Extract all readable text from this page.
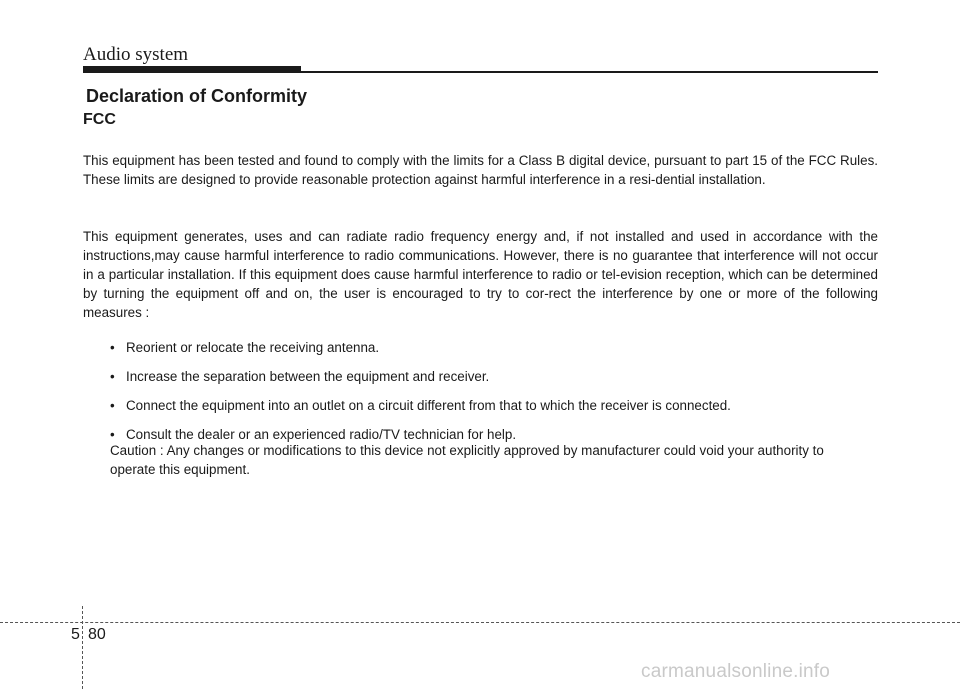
Audio system
Declaration of Conformity
FCC

This equipment has been tested and found to comply with the limits for a Class B digital device, pursuant to part 15 of the FCC Rules. These limits are designed to provide reasonable protection against harmful interference in a resi-dential installation.

This equipment generates, uses and can radiate radio frequency energy and, if not installed and used in accordance with the instructions,may cause harmful interference to radio communications. However, there is no guarantee that interference will not occur in a particular installation. If this equipment does cause harmful interference to radio or tel-evision reception, which can be determined by turning the equipment off and on, the user is encouraged to try to cor-rect the interference by one or more of the following measures :

• Reorient or relocate the receiving antenna.
• Increase the separation between the equipment and receiver.
• Connect the equipment into an outlet on a circuit different from that to which the receiver is connected.
• Consult the dealer or an experienced radio/TV technician for help.

Caution : Any changes or modifications to this device not explicitly approved by manufacturer could void your authority to operate this equipment.

5 80
carmanualsonline.info
